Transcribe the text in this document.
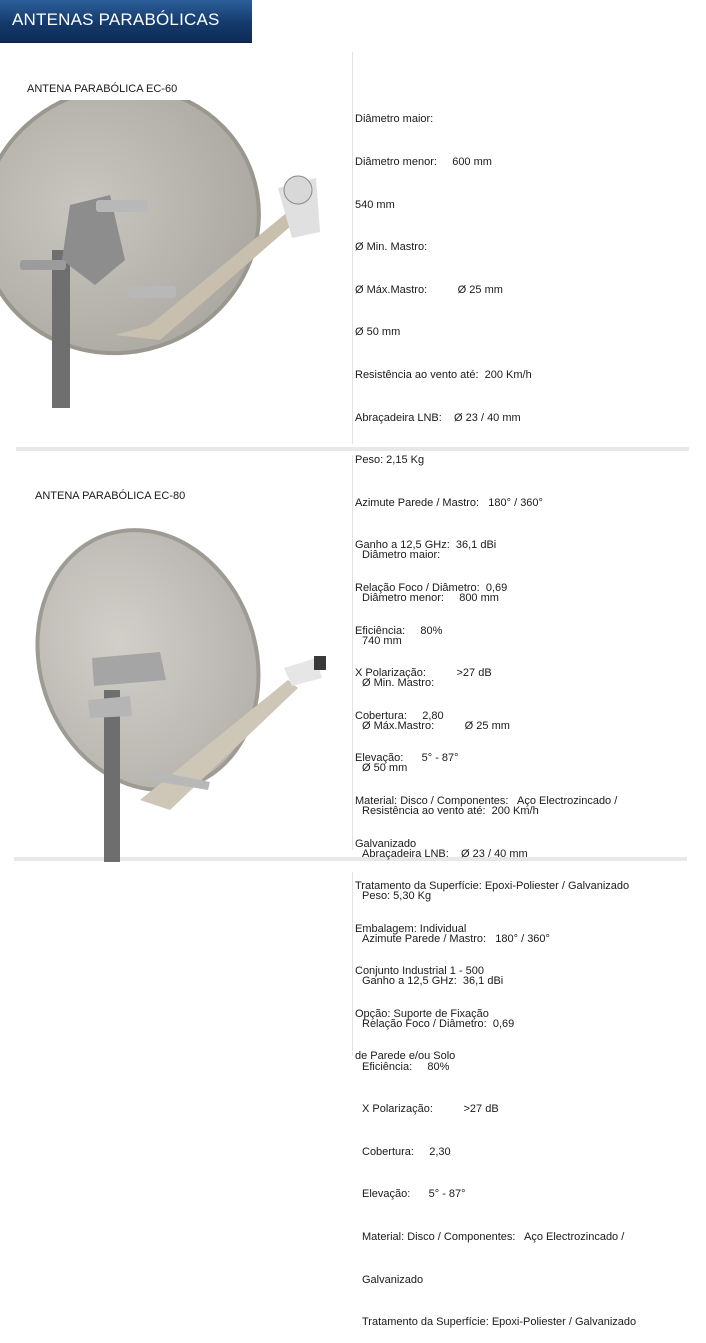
ANTENAS PARABÓLICAS
ANTENA PARABÓLICA EC-60

Diâmetro maior:

Diâmetro menor:     600 mm

540 mm

Ø Min. Mastro:

Ø Máx.Mastro:          Ø 25 mm

Ø 50 mm

Resistência ao vento até:  200 Km/h

Abraçadeira LNB:    Ø 23 / 40 mm

Peso: 2,15 Kg

Azimute Parede / Mastro:   180° / 360°

Ganho a 12,5 GHz:  36,1 dBi

Relação Foco / Diâmetro:  0,69

Eficiência:     80%

X Polarização:          >27 dB

Cobertura:     2,80

Elevação:      5° - 87°

Material: Disco / Componentes:   Aço Electrozincado /

Galvanizado

Tratamento da Superfície: Epoxi-Poliester / Galvanizado

Embalagem: Individual

Conjunto Industrial 1 - 500

Opção: Suporte de Fixação

de Parede e/ou Solo

ANTENA PARABÓLICA EC-80

Diâmetro maior:

Diâmetro menor:     800 mm

740 mm

Ø Min. Mastro:

Ø Máx.Mastro:          Ø 25 mm

Ø 50 mm

Resistência ao vento até:  200 Km/h

Abraçadeira LNB:    Ø 23 / 40 mm

Peso: 5,30 Kg

Azimute Parede / Mastro:   180° / 360°

Ganho a 12,5 GHz:  36,1 dBi

Relação Foco / Diâmetro:  0,69

Eficiência:     80%

X Polarização:          >27 dB

Cobertura:     2,30

Elevação:      5° - 87°

Material: Disco / Componentes:   Aço Electrozincado /

Galvanizado

Tratamento da Superfície: Epoxi-Poliester / Galvanizado
